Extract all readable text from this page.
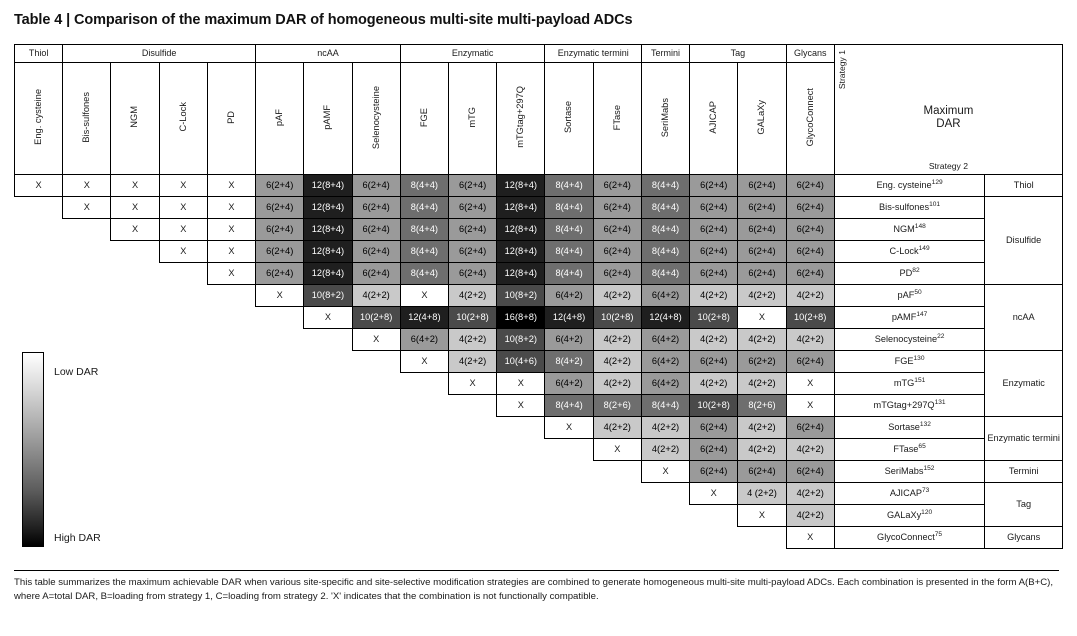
Table 4 | Comparison of the maximum DAR of homogeneous multi-site multi-payload ADCs
Thiol	Disulfide				ncAA			Enzymatic			Enzymatic termini		Termini	Tag		Glycans	Strategy 1
Maximum
DAR
Strategy 2	

Eng. cysteine	Bis-sulfones	NGM	C-Lock	PD	pAF	pAMF	Selenocysteine	FGE	mTG	mTGtag+297Q	Sortase	FTase	SeriMabs	AJICAP	GALaXy	GlycoConnect		
X	X	X	X	X	6(2+4)	12(8+4)	6(2+4)	8(4+4)	6(2+4)	12(8+4)	8(4+4)	6(2+4)	8(4+4)	6(2+4)	6(2+4)	6(2+4)	Eng. cysteine$^{129}$	Thiol
	X	X	X	X	6(2+4)	12(8+4)	6(2+4)	8(4+4)	6(2+4)	12(8+4)	8(4+4)	6(2+4)	8(4+4)	6(2+4)	6(2+4)	6(2+4)	Bis-sulfones$^{101}$	Disulfide
		X	X	X	6(2+4)	12(8+4)	6(2+4)	8(4+4)	6(2+4)	12(8+4)	8(4+4)	6(2+4)	8(4+4)	6(2+4)	6(2+4)	6(2+4)	NGM$^{148}$
			X	X	6(2+4)	12(8+4)	6(2+4)	8(4+4)	6(2+4)	12(8+4)	8(4+4)	6(2+4)	8(4+4)	6(2+4)	6(2+4)	6(2+4)	C-Lock$^{149}$
				X	6(2+4)	12(8+4)	6(2+4)	8(4+4)	6(2+4)	12(8+4)	8(4+4)	6(2+4)	8(4+4)	6(2+4)	6(2+4)	6(2+4)	PD$^{82}$
					X	10(8+2)	4(2+2)	X	4(2+2)	10(8+2)	6(4+2)	4(2+2)	6(4+2)	4(2+2)	4(2+2)	4(2+2)	pAF$^{50}$	ncAA
						X	10(2+8)	12(4+8)	10(2+8)	16(8+8)	12(4+8)	10(2+8)	12(4+8)	10(2+8)	X	10(2+8)	pAMF$^{147}$
							X	6(4+2)	4(2+2)	10(8+2)	6(4+2)	4(2+2)	6(4+2)	4(2+2)	4(2+2)	4(2+2)	Selenocysteine$^{22}$
								X	4(2+2)	10(4+6)	8(4+2)	4(2+2)	6(4+2)	6(2+4)	6(2+2)	6(2+4)	FGE$^{130}$	Enzymatic
									X	X	6(4+2)	4(2+2)	6(4+2)	4(2+2)	4(2+2)	X	mTG$^{151}$
										X	8(4+4)	8(2+6)	8(4+4)	10(2+8)	8(2+6)	X	$mTGtag+297Q^{131}$
											X	4(2+2)	4(2+2)	6(2+4)	4(2+2)	6(2+4)	Sortase$^{132}$	Enzymatic termini
												X	4(2+2)	6(2+4)	4(2+2)	4(2+2)	FTase$^{65}$
													X	6(2+4)	6(2+4)	6(2+4)	SeriMabs$^{152}$	Termini
														X	4 (2+2)	4(2+2)	AJICAP$^{73}$	Tag
															X	4(2+2)	GALaXy$^{120}$
																X	GlycoConnect$^{75}$	Glycans
Low DAR
High DAR
This table summarizes the maximum achievable DAR when various site-specific and site-selective modification strategies are combined to generate homogeneous multi-site multi-payload ADCs. Each combination is presented in the form A(B+C), where A=total DAR, B=loading from strategy 1, C=loading from strategy 2. 'X' indicates that the combination is not functionally compatible.
